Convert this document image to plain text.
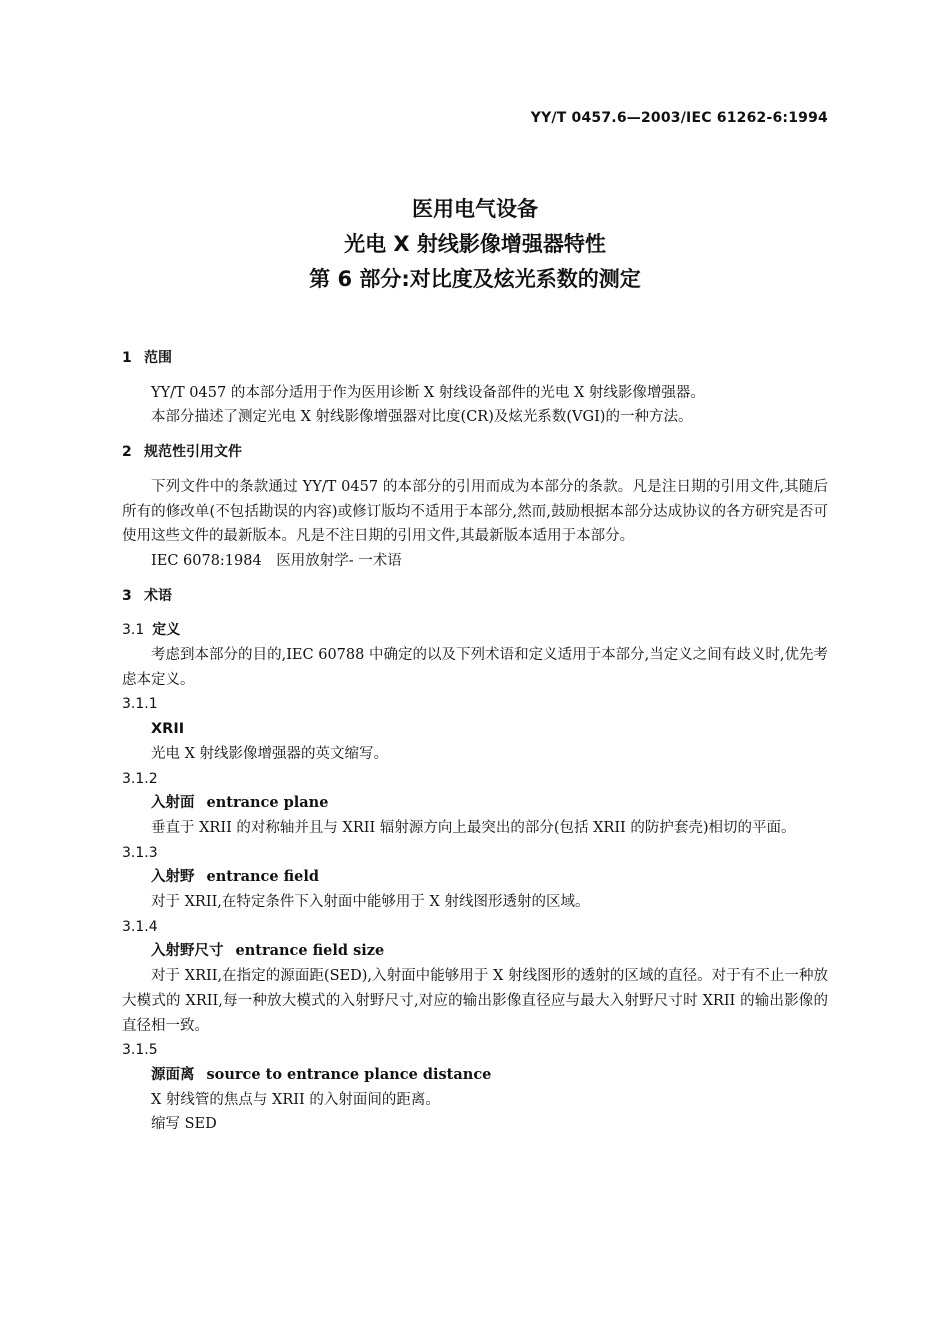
YY/T 0457.6—2003/IEC 61262-6:1994
医用电气设备
光电 X 射线影像增强器特性
第 6 部分:对比度及炫光系数的测定
1 范围
YY/T 0457 的本部分适用于作为医用诊断 X 射线设备部件的光电 X 射线影像增强器。
本部分描述了测定光电 X 射线影像增强器对比度(CR)及炫光系数(VGI)的一种方法。
2 规范性引用文件
下列文件中的条款通过 YY/T 0457 的本部分的引用而成为本部分的条款。凡是注日期的引用文件,其随后所有的修改单(不包括勘误的内容)或修订版均不适用于本部分,然而,鼓励根据本部分达成协议的各方研究是否可使用这些文件的最新版本。凡是不注日期的引用文件,其最新版本适用于本部分。
IEC 6078:1984　医用放射学- 一术语
3 术语
3.1 定义
考虑到本部分的目的,IEC 60788 中确定的以及下列术语和定义适用于本部分,当定义之间有歧义时,优先考虑本定义。
3.1.1
XRII
光电 X 射线影像增强器的英文缩写。
3.1.2
入射面 entrance plane
垂直于 XRII 的对称轴并且与 XRII 辐射源方向上最突出的部分(包括 XRII 的防护套壳)相切的平面。
3.1.3
入射野 entrance field
对于 XRII,在特定条件下入射面中能够用于 X 射线图形透射的区域。
3.1.4
入射野尺寸 entrance field size
对于 XRII,在指定的源面距(SED),入射面中能够用于 X 射线图形的透射的区域的直径。对于有不止一种放大模式的 XRII,每一种放大模式的入射野尺寸,对应的输出影像直径应与最大入射野尺寸时 XRII 的输出影像的直径相一致。
3.1.5
源面离 source to entrance plance distance
X 射线管的焦点与 XRII 的入射面间的距离。
缩写 SED
